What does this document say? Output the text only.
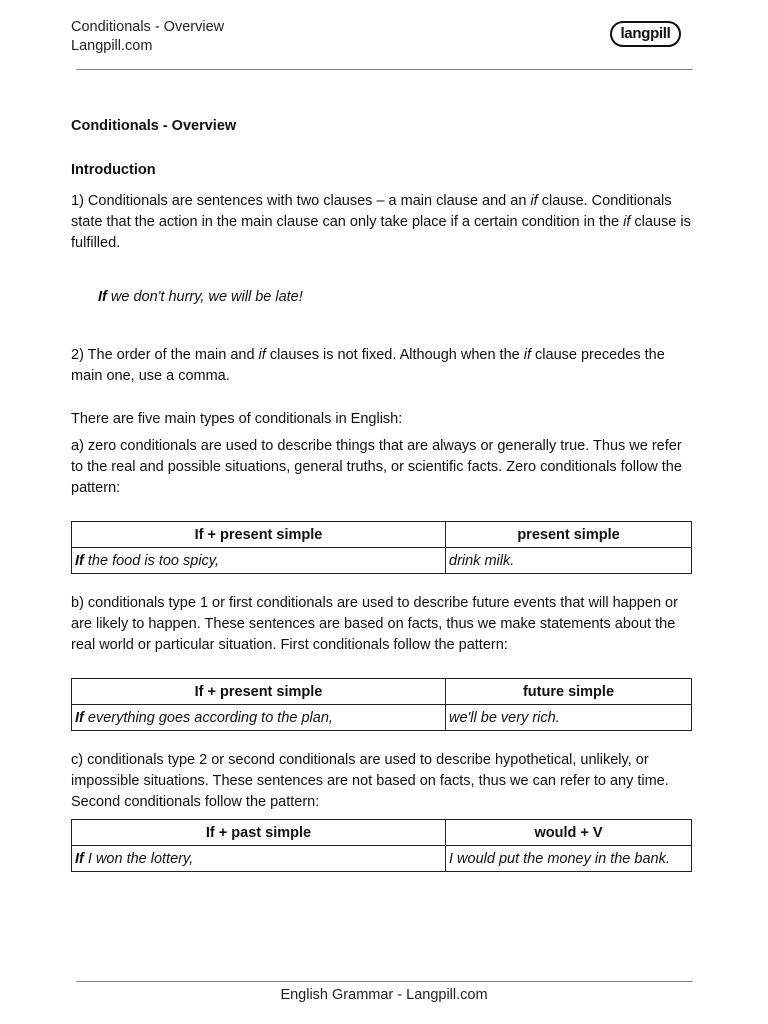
Conditionals - Overview
Langpill.com
langpill

Conditionals - Overview

Introduction

1) Conditionals are sentences with two clauses – a main clause and an if clause. Conditionals state that the action in the main clause can only take place if a certain condition in the if clause is fulfilled.

If we don't hurry, we will be late!

2) The order of the main and if clauses is not fixed. Although when the if clause precedes the main one, use a comma.

There are five main types of conditionals in English:

a) zero conditionals are used to describe things that are always or generally true. Thus we refer to the real and possible situations, general truths, or scientific facts. Zero conditionals follow the pattern:

If + present simple	present simple
If the food is too spicy,	drink milk.

b) conditionals type 1 or first conditionals are used to describe future events that will happen or are likely to happen. These sentences are based on facts, thus we make statements about the real world or particular situation. First conditionals follow the pattern:

If + present simple	future simple
If everything goes according to the plan,	we'll be very rich.

c) conditionals type 2 or second conditionals are used to describe hypothetical, unlikely, or impossible situations. These sentences are not based on facts, thus we can refer to any time. Second conditionals follow the pattern:

If + past simple	would + V
If I won the lottery,	I would put the money in the bank.
English Grammar - Langpill.com
